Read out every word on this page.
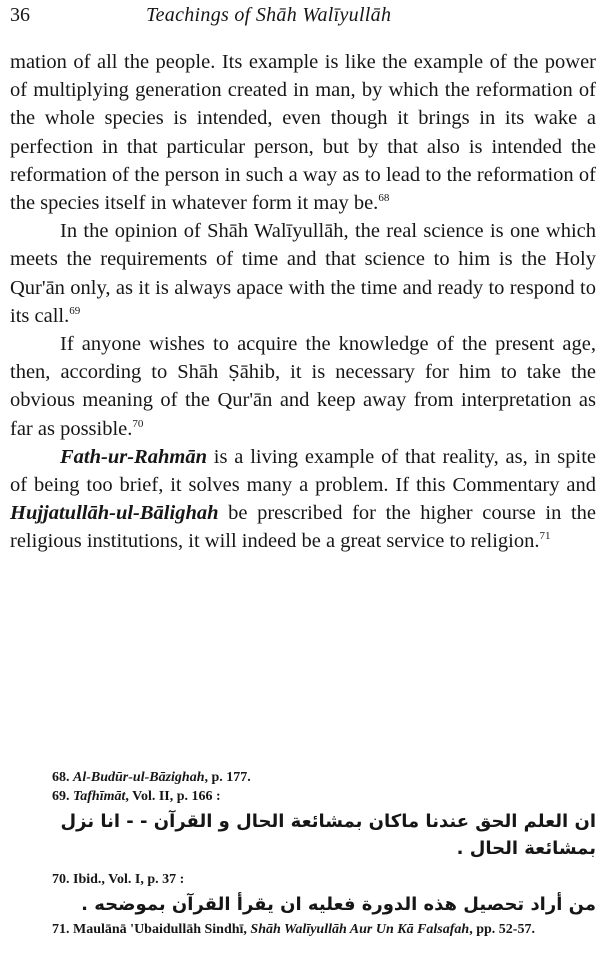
36	Teachings of Shāh Walīyullāh

mation of all the people. Its example is like the example of the power of multiplying generation created in man, by which the reformation of the whole species is intended, even though it brings in its wake a perfection in that particular person, but by that also is intended the reformation of the person in such a way as to lead to the reformation of the species itself in whatever form it may be.$^{68}$

In the opinion of Shāh Walīyullāh, the real science is one which meets the requirements of time and that science to him is the Holy Qur'ān only, as it is always apace with the time and ready to respond to its call.$^{69}$

If anyone wishes to acquire the knowledge of the present age, then, according to Shāh Ṣāhib, it is necessary for him to take the obvious meaning of the Qur'ān and keep away from interpretation as far as possible.$^{70}$

Fath-ur-Rahmān is a living example of that reality, as, in spite of being too brief, it solves many a problem. If this Commentary and Hujjatullāh-ul-Bālighah be prescribed for the higher course in the religious institutions, it will indeed be a great service to religion.$^{71}$

68. Al-Budūr-ul-Bāzighah, p. 177.
69. Tafhīmāt, Vol. II, p. 166 :
ان العلم الحق عندنا ماكان بمشائعة الحال و القرآن - - انا نزل
بمشائعة الحال .
70. Ibid., Vol. I, p. 37 :
من أراد تحصيل هذه الدورة فعليه ان يقرأ القرآن بموضحه .
71. Maulānā 'Ubaidullāh Sindhī, Shāh Walīyullāh Aur Un Kā Falsafah, pp. 52-57.
